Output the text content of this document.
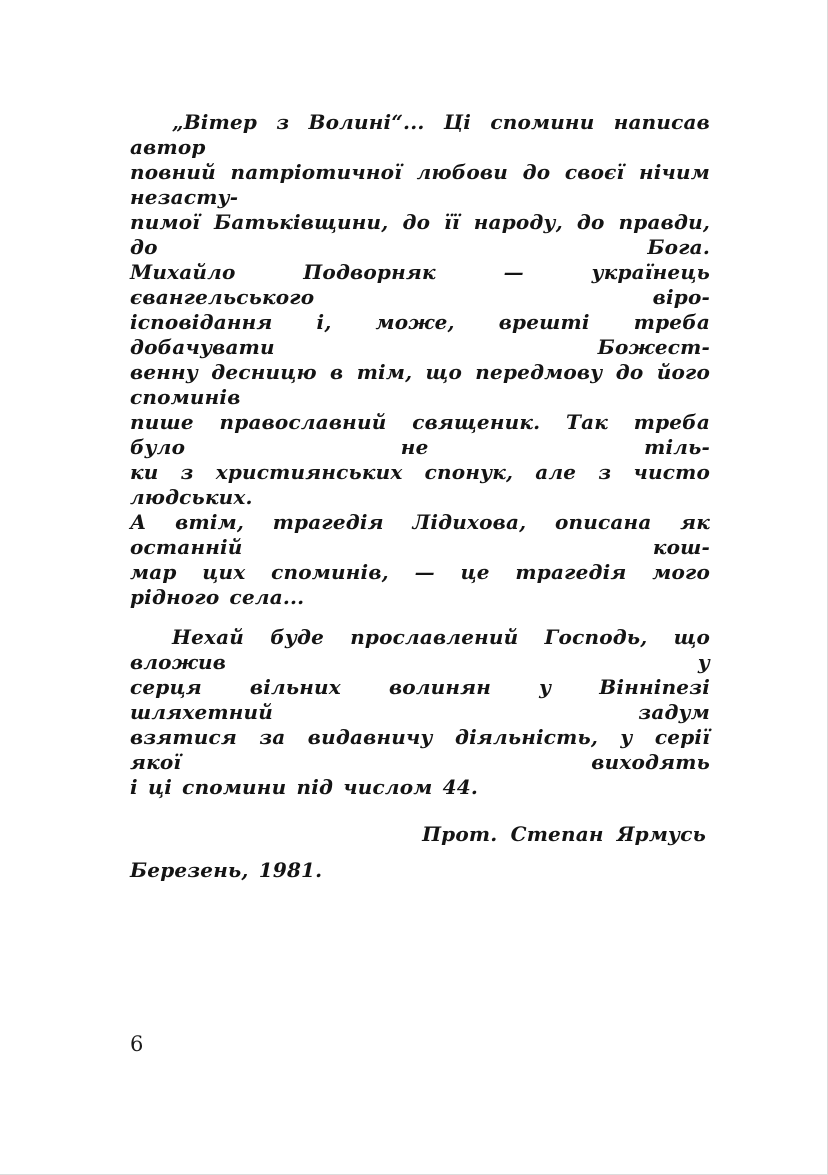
„Вітер з Волині“... Ці спомини написав автор
повний патріотичної любови до своєї нічим незасту-
пимої Батьківщини, до її народу, до правди, до Бога.
Михайло Подворняк — українець євангельського віро-
ісповідання і, може, врешті треба добачувати Божест-
венну десницю в тім, що передмову до його споминів
пише православний священик. Так треба було не тіль-
ки з християнських спонук, але з чисто людських.
А втім, трагедія Лідихова, описана як останній кош-
мар цих споминів, — це трагедія мого рідного села...
Нехай буде прославлений Господь, що вложив у
серця вільних волинян у Вінніпезі шляхетний задум
взятися за видавничу діяльність, у серії якої виходять
і ці спомини під числом 44.
Прот. Степан Ярмусь
Березень, 1981.
6
